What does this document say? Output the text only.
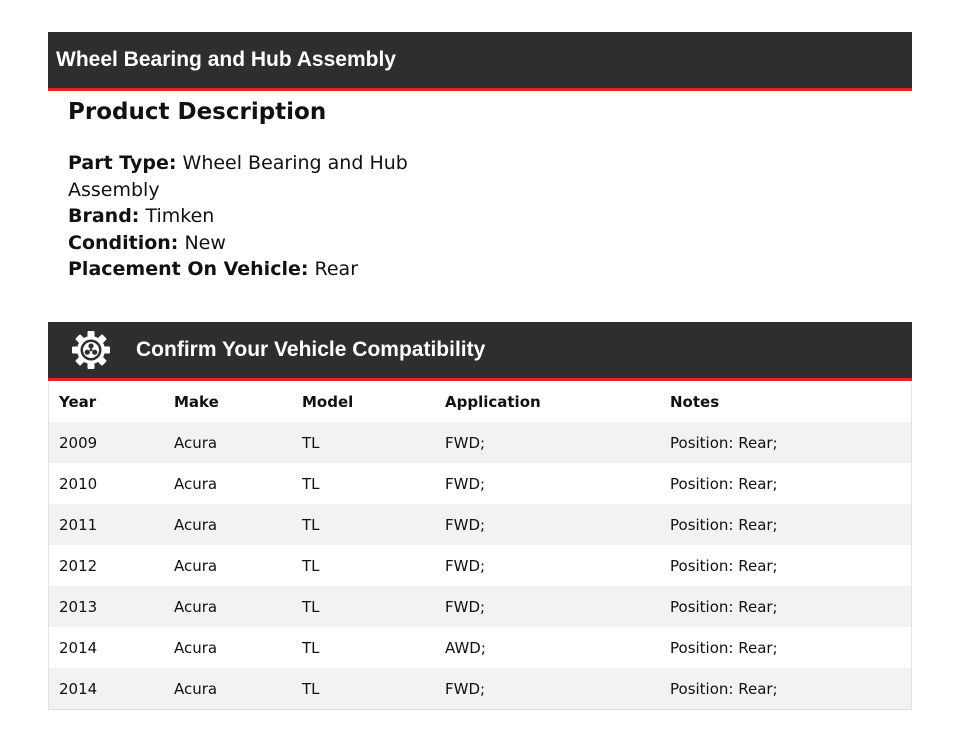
Wheel Bearing and Hub Assembly
Product Description
Part Type: Wheel Bearing and Hub Assembly
Brand: Timken
Condition: New
Placement On Vehicle: Rear
Confirm Your Vehicle Compatibility
Year	Make	Model	Application	Notes
2009	Acura	TL	FWD;	Position: Rear;
2010	Acura	TL	FWD;	Position: Rear;
2011	Acura	TL	FWD;	Position: Rear;
2012	Acura	TL	FWD;	Position: Rear;
2013	Acura	TL	FWD;	Position: Rear;
2014	Acura	TL	AWD;	Position: Rear;
2014	Acura	TL	FWD;	Position: Rear;
